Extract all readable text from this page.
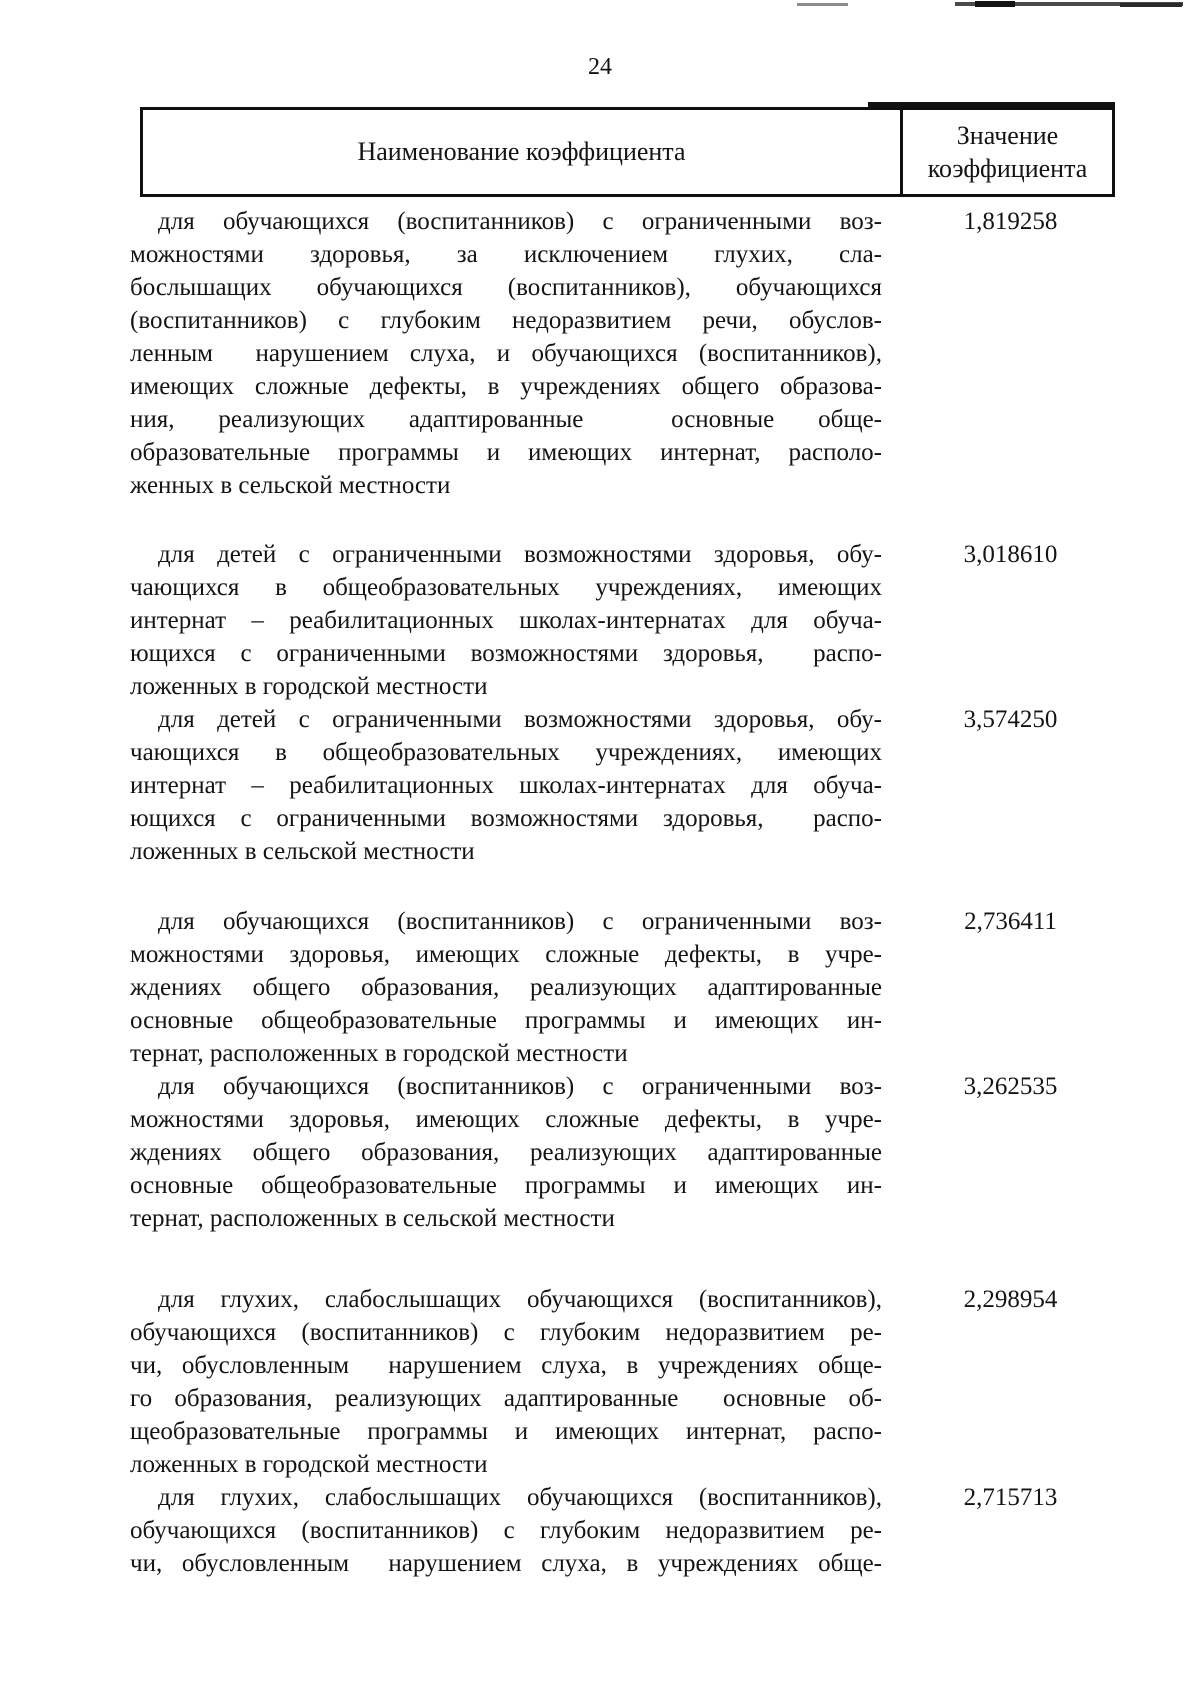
24
Наименование коэффициента
Значение коэффициента
для обучающихся (воспитанников) с ограниченными воз-
можностями здоровья, за исключением глухих, сла-
бослышащих обучающихся (воспитанников), обучающихся
(воспитанников) с глубоким недоразвитием речи, обуслов-
ленным  нарушением слуха, и обучающихся (воспитанников),
имеющих сложные дефекты, в учреждениях общего образова-
ния, реализующих адаптированные  основные обще-
образовательные программы и имеющих интернат, располо-
женных в сельской местности
1,819258
для детей с ограниченными возможностями здоровья, обу-
чающихся в общеобразовательных учреждениях, имеющих
интернат – реабилитационных школах-интернатах для обуча-
ющихся с ограниченными возможностями здоровья,  распо-
ложенных в городской местности
3,018610
для детей с ограниченными возможностями здоровья, обу-
чающихся в общеобразовательных учреждениях, имеющих
интернат – реабилитационных школах-интернатах для обуча-
ющихся с ограниченными возможностями здоровья,  распо-
ложенных в сельской местности
3,574250
для обучающихся (воспитанников) с ограниченными воз-
можностями здоровья, имеющих сложные дефекты, в учре-
ждениях общего образования, реализующих адаптированные
основные общеобразовательные программы и имеющих ин-
тернат, расположенных в городской местности
2,736411
для обучающихся (воспитанников) с ограниченными воз-
можностями здоровья, имеющих сложные дефекты, в учре-
ждениях общего образования, реализующих адаптированные
основные общеобразовательные программы и имеющих ин-
тернат, расположенных в сельской местности
3,262535
для глухих, слабослышащих обучающихся (воспитанников),
обучающихся (воспитанников) с глубоким недоразвитием ре-
чи, обусловленным  нарушением слуха, в учреждениях обще-
го образования, реализующих адаптированные  основные об-
щеобразовательные программы и имеющих интернат, распо-
ложенных в городской местности
2,298954
для глухих, слабослышащих обучающихся (воспитанников),
обучающихся (воспитанников) с глубоким недоразвитием ре-
чи, обусловленным  нарушением слуха, в учреждениях обще-
2,715713
